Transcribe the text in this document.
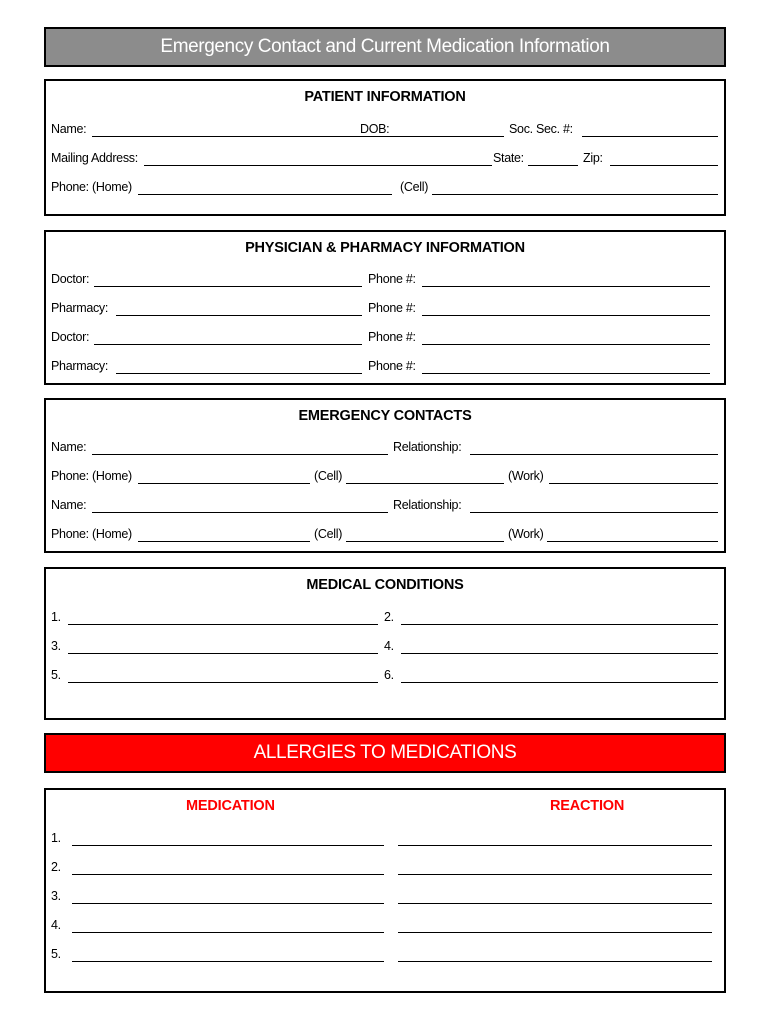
Emergency Contact and Current Medication Information
PATIENT INFORMATION
Name:	DOB:	Soc. Sec. #:
Mailing Address:	State:	Zip:
Phone: (Home)	(Cell)
PHYSICIAN & PHARMACY INFORMATION
Doctor:	Phone #:
Pharmacy:	Phone #:
Doctor:	Phone #:
Pharmacy:	Phone #:
EMERGENCY CONTACTS
Name:	Relationship:
Phone: (Home)	(Cell)	(Work)
Name:	Relationship:
Phone: (Home)	(Cell)	(Work)
MEDICAL CONDITIONS
1.	2.
3.	4.
5.	6.
ALLERGIES TO MEDICATIONS
MEDICATION	REACTION
1.
2.
3.
4.
5.
